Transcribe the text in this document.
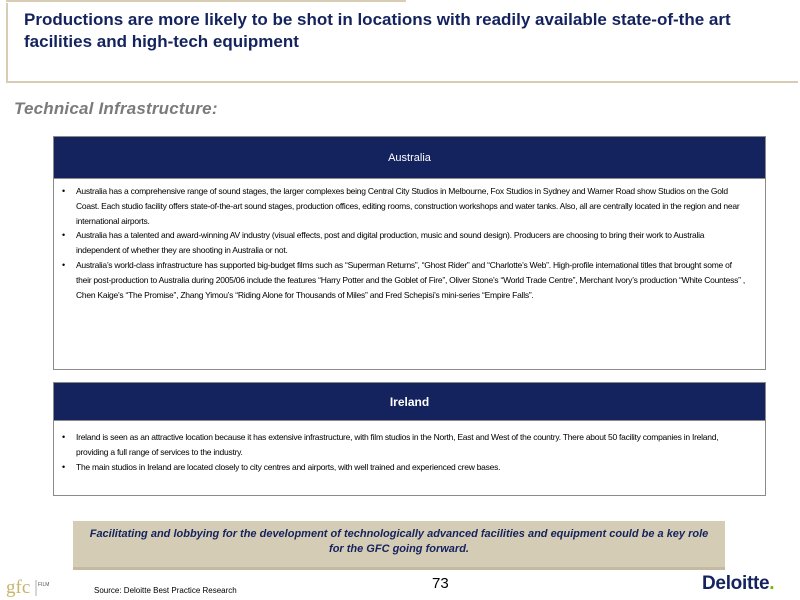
Productions are more likely to be shot in locations with readily available state-of-the art facilities and high-tech equipment
Technical Infrastructure:
Australia
• Australia has a comprehensive range of sound stages, the larger complexes being Central City Studios in Melbourne, Fox Studios in Sydney and Warner Road show Studios on the Gold Coast. Each studio facility offers state-of-the-art sound stages, production offices, editing rooms, construction workshops and water tanks. Also, all are centrally located in the region and near international airports.
• Australia has a talented and award-winning AV industry (visual effects, post and digital production, music and sound design). Producers are choosing to bring their work to Australia independent of whether they are shooting in Australia or not.
• Australia’s world-class infrastructure has supported big-budget films such as “Superman Returns”, “Ghost Rider” and “Charlotte’s Web”. High-profile international titles that brought some of their post-production to Australia during 2005/06 include the features “Harry Potter and the Goblet of Fire”, Oliver Stone’s “World Trade Centre”, Merchant Ivory’s production “White Countess” , Chen Kaige’s “The Promise”, Zhang Yimou’s “Riding Alone for Thousands of Miles” and Fred Schepisi’s mini-series “Empire Falls”.
Ireland
• Ireland is seen as an attractive location because it has extensive infrastructure, with film studios in the North, East and West of the country. There about 50 facility companies in Ireland, providing a full range of services to the industry.
• The main studios in Ireland are located closely to city centres and airports, with well trained and experienced crew bases.
Facilitating and lobbying for the development of technologically advanced facilities and equipment could be a key role for the GFC going forward.
gfc FILM
Source: Deloitte Best Practice Research	73	Deloitte.
